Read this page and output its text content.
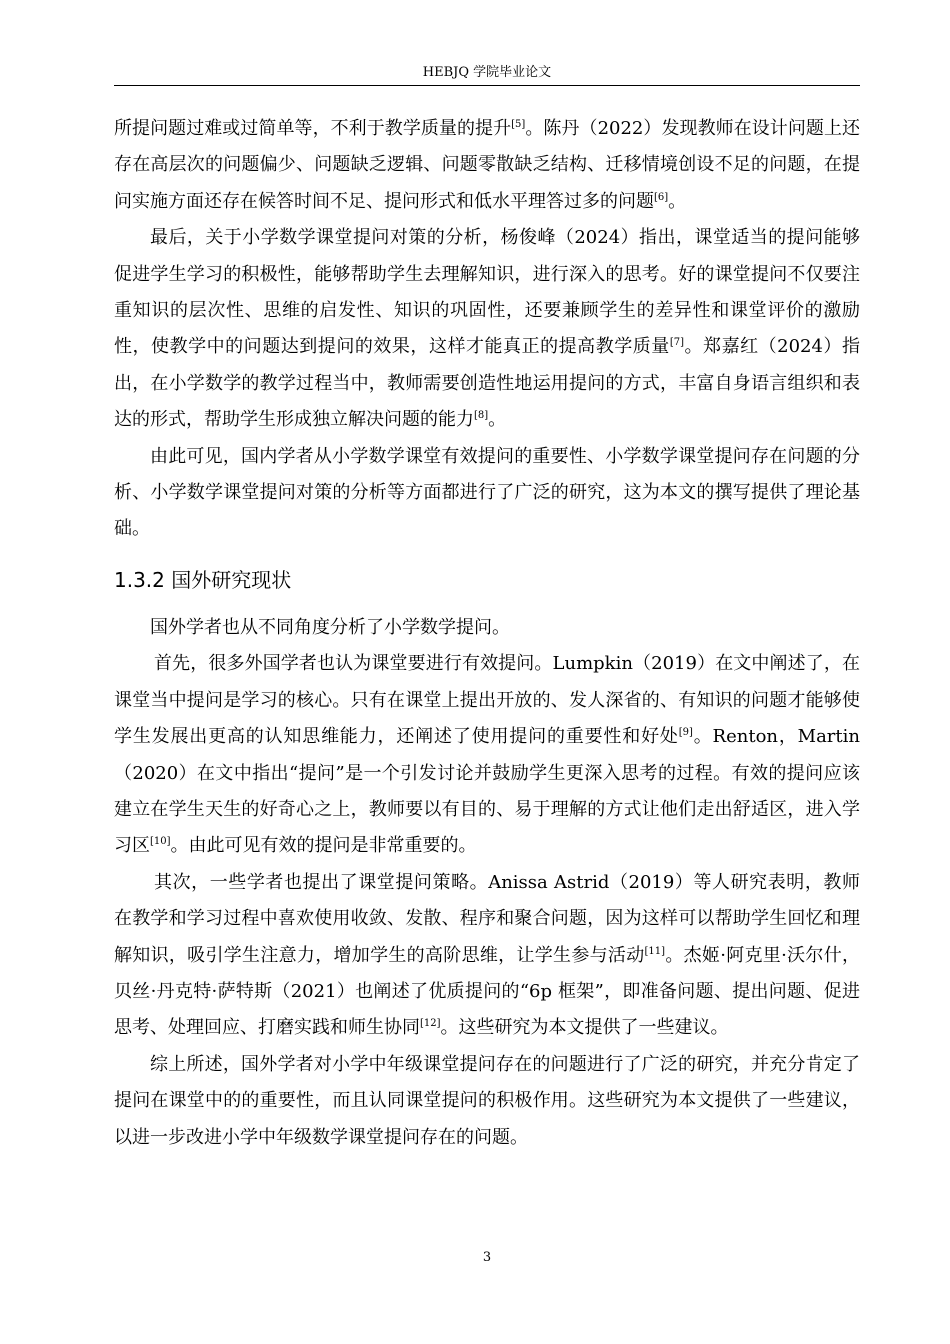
HEBJQ 学院毕业论文

所提问题过难或过简单等，不利于教学质量的提升[5]。陈丹（2022）发现教师在设计问题上还存在高层次的问题偏少、问题缺乏逻辑、问题零散缺乏结构、迁移情境创设不足的问题，在提问实施方面还存在候答时间不足、提问形式和低水平理答过多的问题[6]。

最后，关于小学数学课堂提问对策的分析，杨俊峰（2024）指出，课堂适当的提问能够促进学生学习的积极性，能够帮助学生去理解知识，进行深入的思考。好的课堂提问不仅要注重知识的层次性、思维的启发性、知识的巩固性，还要兼顾学生的差异性和课堂评价的激励性，使教学中的问题达到提问的效果，这样才能真正的提高教学质量[7]。郑嘉红（2024）指出，在小学数学的教学过程当中，教师需要创造性地运用提问的方式，丰富自身语言组织和表达的形式，帮助学生形成独立解决问题的能力[8]。

由此可见，国内学者从小学数学课堂有效提问的重要性、小学数学课堂提问存在问题的分析、小学数学课堂提问对策的分析等方面都进行了广泛的研究，这为本文的撰写提供了理论基础。

1.3.2 国外研究现状

国外学者也从不同角度分析了小学数学提问。

首先，很多外国学者也认为课堂要进行有效提问。Lumpkin（2019）在文中阐述了，在课堂当中提问是学习的核心。只有在课堂上提出开放的、发人深省的、有知识的问题才能够使学生发展出更高的认知思维能力，还阐述了使用提问的重要性和好处[9]。Renton，Martin（2020）在文中指出“提问”是一个引发讨论并鼓励学生更深入思考的过程。有效的提问应该建立在学生天生的好奇心之上，教师要以有目的、易于理解的方式让他们走出舒适区，进入学习区[10]。由此可见有效的提问是非常重要的。

其次，一些学者也提出了课堂提问策略。Anissa Astrid（2019）等人研究表明，教师在教学和学习过程中喜欢使用收敛、发散、程序和聚合问题，因为这样可以帮助学生回忆和理解知识，吸引学生注意力，增加学生的高阶思维，让学生参与活动[11]。杰姬·阿克里·沃尔什，贝丝·丹克特·萨特斯（2021）也阐述了优质提问的“6p 框架”，即准备问题、提出问题、促进思考、处理回应、打磨实践和师生协同[12]。这些研究为本文提供了一些建议。

综上所述，国外学者对小学中年级课堂提问存在的问题进行了广泛的研究，并充分肯定了提问在课堂中的的重要性，而且认同课堂提问的积极作用。这些研究为本文提供了一些建议，以进一步改进小学中年级数学课堂提问存在的问题。

3
